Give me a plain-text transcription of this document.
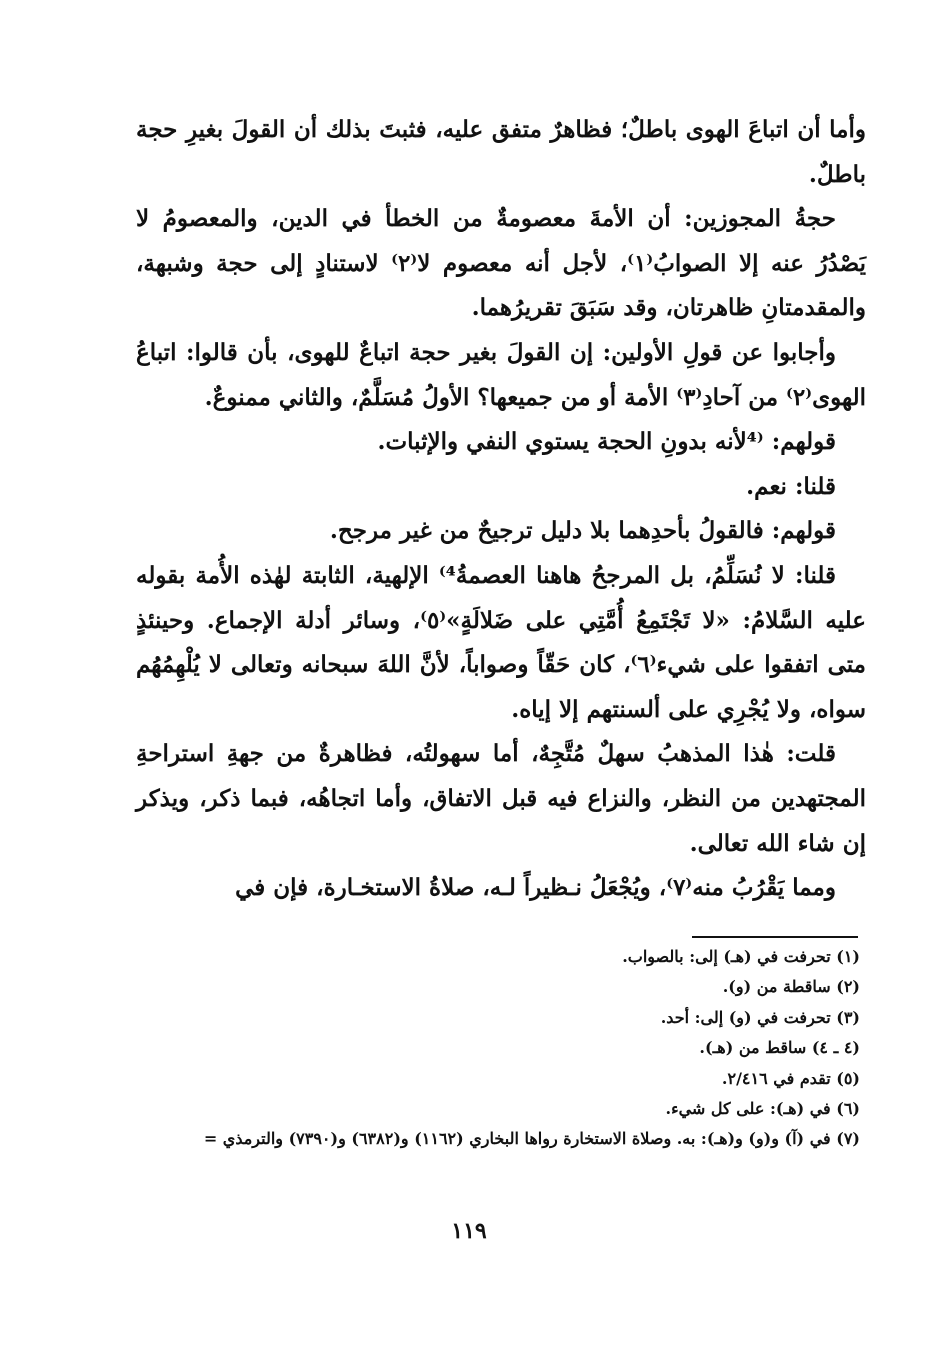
وأما أن اتباعَ الهوى باطلٌ؛ فظاهرٌ متفق عليه، فثبتَ بذلك أن القولَ بغيرِ حجة باطلٌ.

حجةُ المجوزين: أن الأمةَ معصومةٌ من الخطأ في الدين، والمعصومُ لا يَصْدُرُ عنه إلا الصوابُ⁽١⁾، لأجل أنه معصوم لا⁽٢⁾ لاستنادٍ إلى حجة وشبهة، والمقدمتانِ ظاهرتان، وقد سَبَقَ تقريرُهما.

وأجابوا عن قولِ الأولين: إن القولَ بغير حجة اتباعٌ للهوى، بأن قالوا: اتباعُ الهوى⁽٢⁾ من آحادِ⁽٣⁾ الأمة أو من جميعها؟ الأولُ مُسَلَّمٌ، والثاني ممنوعٌ.

قولهم: ⁽⁴لأنه بدونِ الحجة يستوي النفي والإثبات.

قلنا: نعم.

قولهم: فالقولُ بأحدِهما بلا دليل ترجيحٌ من غير مرجح.

قلنا: لا نُسَلِّمُ، بل المرجحُ هاهنا العصمةُ⁴⁾ الإلهية، الثابتة لهٰذه الأُمة بقوله عليه السَّلامُ: «لا تَجْتَمِعُ أُمَّتِي على ضَلالَةٍ»⁽٥⁾، وسائر أدلة الإجماع. وحينئذٍ متى اتفقوا على شيء⁽٦⁾، كان حَقّاً وصواباً، لأنَّ اللهَ سبحانه وتعالى لا يُلْهِمُهُم سواه، ولا يُجْرِي على ألسنتهم إلا إياه.

قلت: هٰذا المذهبُ سهلٌ مُتَّجِهٌ، أما سهولتُه، فظاهرةٌ من جهةِ استراحةِ المجتهدين من النظر، والنزاع فيه قبل الاتفاق، وأما اتجاهُه، فبما ذكر، ويذكر إن شاء الله تعالى.

ومما يَقْرُبُ منه⁽٧⁾، ويُجْعَلُ نـظيراً لـه، صلاةُ الاستخـارة، فإن في

(١) تحرفت في (هـ) إلى: بالصواب.

(٢) ساقطة من (و).

(٣) تحرفت في (و) إلى: أحد.

(٤ ـ ٤) ساقط من (هـ).

(٥) تقدم في ٢/٤١٦.

(٦) في (هـ): على كل شيء.

(٧) في (آ) و(و) و(هـ): به. وصلاة الاستخارة رواها البخاري (١١٦٢) و(٦٣٨٢) و(٧٣٩٠) والترمذي =

١١٩
